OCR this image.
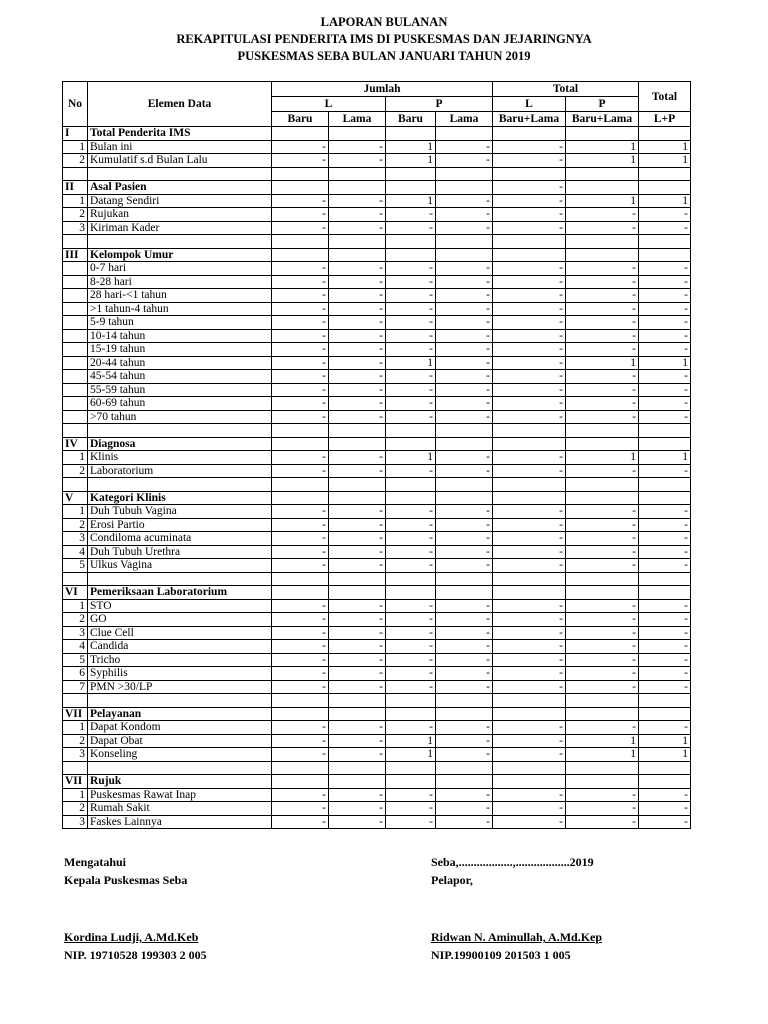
LAPORAN BULANAN
REKAPITULASI PENDERITA IMS DI PUSKESMAS DAN JEJARINGNYA
PUSKESMAS SEBA BULAN JANUARI TAHUN 2019
No	Elemen Data	Jumlah				Total		Total
		L		P		L	P	
		Baru	Lama	Baru	Lama	Baru+Lama	Baru+Lama	L+P
I	Total Penderita IMS							
1	Bulan ini	-	-	1	-	-	1	1
2	Kumulatif s.d Bulan Lalu	-	-	1	-	-	1	1

II	Asal Pasien					-		
1	Datang Sendiri	-	-	1	-	-	1	1
2	Rujukan	-	-	-	-	-	-	-
3	Kiriman Kader	-	-	-	-	-	-	-

III	Kelompok Umur							
	0-7 hari	-	-	-	-	-	-	-
	8-28 hari	-	-	-	-	-	-	-
	28 hari-<1 tahun	-	-	-	-	-	-	-
	>1 tahun-4 tahun	-	-	-	-	-	-	-
	5-9 tahun	-	-	-	-	-	-	-
	10-14 tahun	-	-	-	-	-	-	-
	15-19 tahun	-	-	-	-	-	-	-
	20-44 tahun	-	-	1	-	-	1	1
	45-54 tahun	-	-	-	-	-	-	-
	55-59 tahun	-	-	-	-	-	-	-
	60-69 tahun	-	-	-	-	-	-	-
	>70 tahun	-	-	-	-	-	-	-

IV	Diagnosa							
1	Klinis	-	-	1	-	-	1	1
2	Laboratorium	-	-	-	-	-	-	-

V	Kategori Klinis							
1	Duh Tubuh Vagina	-	-	-	-	-	-	-
2	Erosi Partio	-	-	-	-	-	-	-
3	Condiloma acuminata	-	-	-	-	-	-	-
4	Duh Tubuh Urethra	-	-	-	-	-	-	-
5	Ulkus Vagina	-	-	-	-	-	-	-

VI	Pemeriksaan Laboratorium							
1	STO	-	-	-	-	-	-	-
2	GO	-	-	-	-	-	-	-
3	Clue Cell	-	-	-	-	-	-	-
4	Candida	-	-	-	-	-	-	-
5	Tricho	-	-	-	-	-	-	-
6	Syphilis	-	-	-	-	-	-	-
7	PMN >30/LP	-	-	-	-	-	-	-

VII	Pelayanan							
1	Dapat Kondom	-	-	-	-	-	-	-
2	Dapat Obat	-	-	1	-	-	1	1
3	Konseling	-	-	1	-	-	1	1

VII	Rujuk							
1	Puskesmas Rawat Inap	-	-	-	-	-	-	-
2	Rumah Sakit	-	-	-	-	-	-	-
3	Faskes Lainnya	-	-	-	-	-	-	-
Mengatahui
Kepala Puskesmas Seba
Kordina Ludji, A.Md.Keb
NIP. 19710528 199303 2 005
Seba,..................,..................2019
Pelapor,
Ridwan N. Aminullah, A.Md.Kep
NIP.19900109 201503 1 005
